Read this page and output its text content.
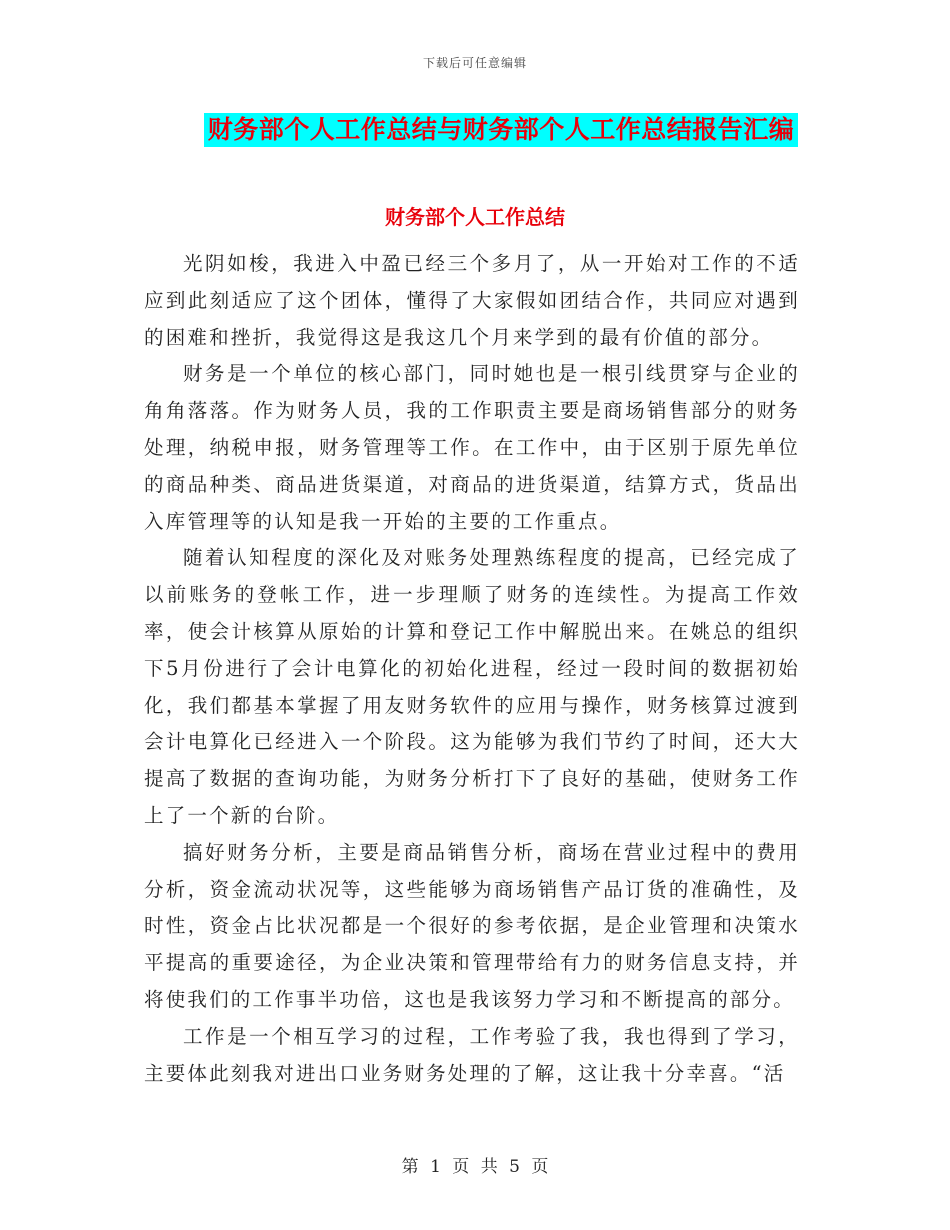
下载后可任意编辑
财务部个人工作总结与财务部个人工作总结报告汇编
财务部个人工作总结

光阴如梭，我进入中盈已经三个多月了，从一开始对工作的不适应到此刻适应了这个团体，懂得了大家假如团结合作，共同应对遇到的困难和挫折，我觉得这是我这几个月来学到的最有价值的部分。

财务是一个单位的核心部门，同时她也是一根引线贯穿与企业的角角落落。作为财务人员，我的工作职责主要是商场销售部分的财务处理，纳税申报，财务管理等工作。在工作中，由于区别于原先单位的商品种类、商品进货渠道，对商品的进货渠道，结算方式，货品出入库管理等的认知是我一开始的主要的工作重点。

随着认知程度的深化及对账务处理熟练程度的提高，已经完成了以前账务的登帐工作，进一步理顺了财务的连续性。为提高工作效率，使会计核算从原始的计算和登记工作中解脱出来。在姚总的组织下5月份进行了会计电算化的初始化进程，经过一段时间的数据初始化，我们都基本掌握了用友财务软件的应用与操作，财务核算过渡到会计电算化已经进入一个阶段。这为能够为我们节约了时间，还大大提高了数据的查询功能，为财务分析打下了良好的基础，使财务工作上了一个新的台阶。

搞好财务分析，主要是商品销售分析，商场在营业过程中的费用分析，资金流动状况等，这些能够为商场销售产品订货的准确性，及时性，资金占比状况都是一个很好的参考依据，是企业管理和决策水平提高的重要途径，为企业决策和管理带给有力的财务信息支持，并将使我们的工作事半功倍，这也是我该努力学习和不断提高的部分。

工作是一个相互学习的过程，工作考验了我，我也得到了学习，主要体此刻我对进出口业务财务处理的了解，这让我十分幸喜。“活

第 1 页 共 5 页
